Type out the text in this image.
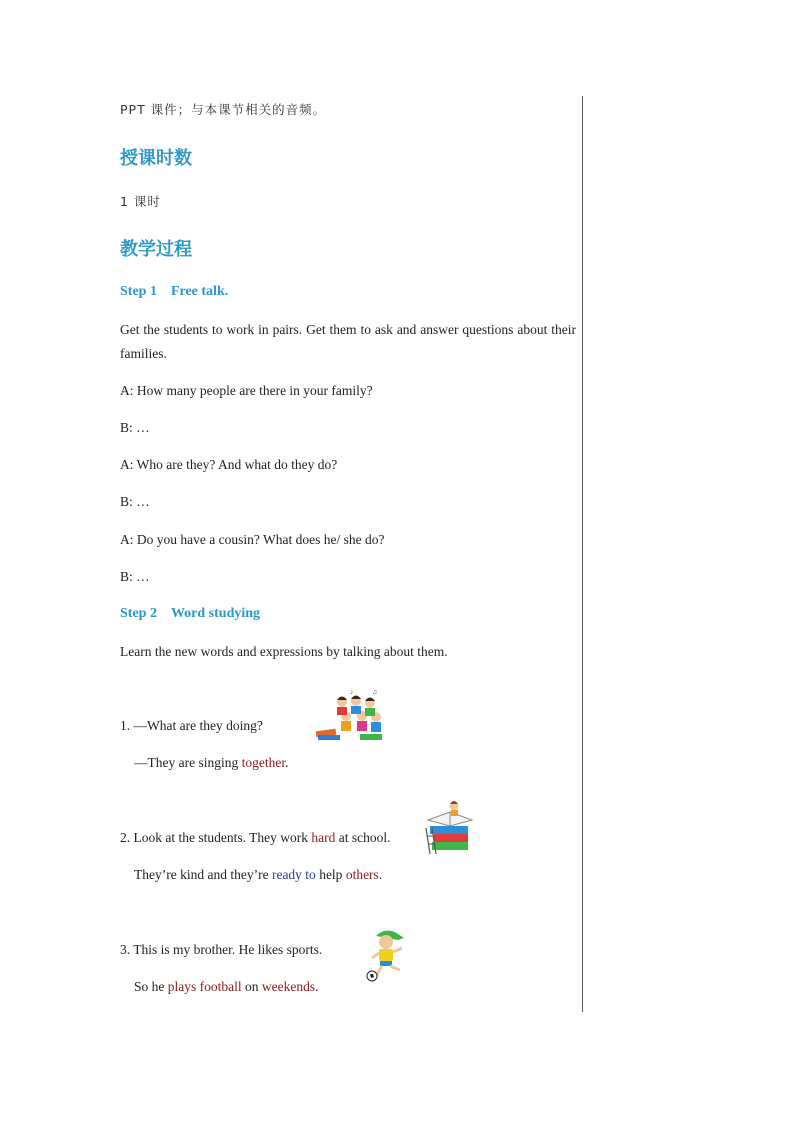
PPT 课件；与本课节相关的音频。
授课时数
1 课时
教学过程
Step 1 Free talk.
Get the students to work in pairs. Get them to ask and answer questions about their families.
A: How many people are there in your family?
B: …
A: Who are they? And what do they do?
B: …
A: Do you have a cousin? What does he/ she do?
B: …
Step 2 Word studying
Learn the new words and expressions by talking about them.
1. —What are they doing?
—They are singing together.
♪	♫
2. Look at the students. They work hard at school.
They’re kind and they’re ready to help others.
3. This is my brother. He likes sports.
So he plays football on weekends.
